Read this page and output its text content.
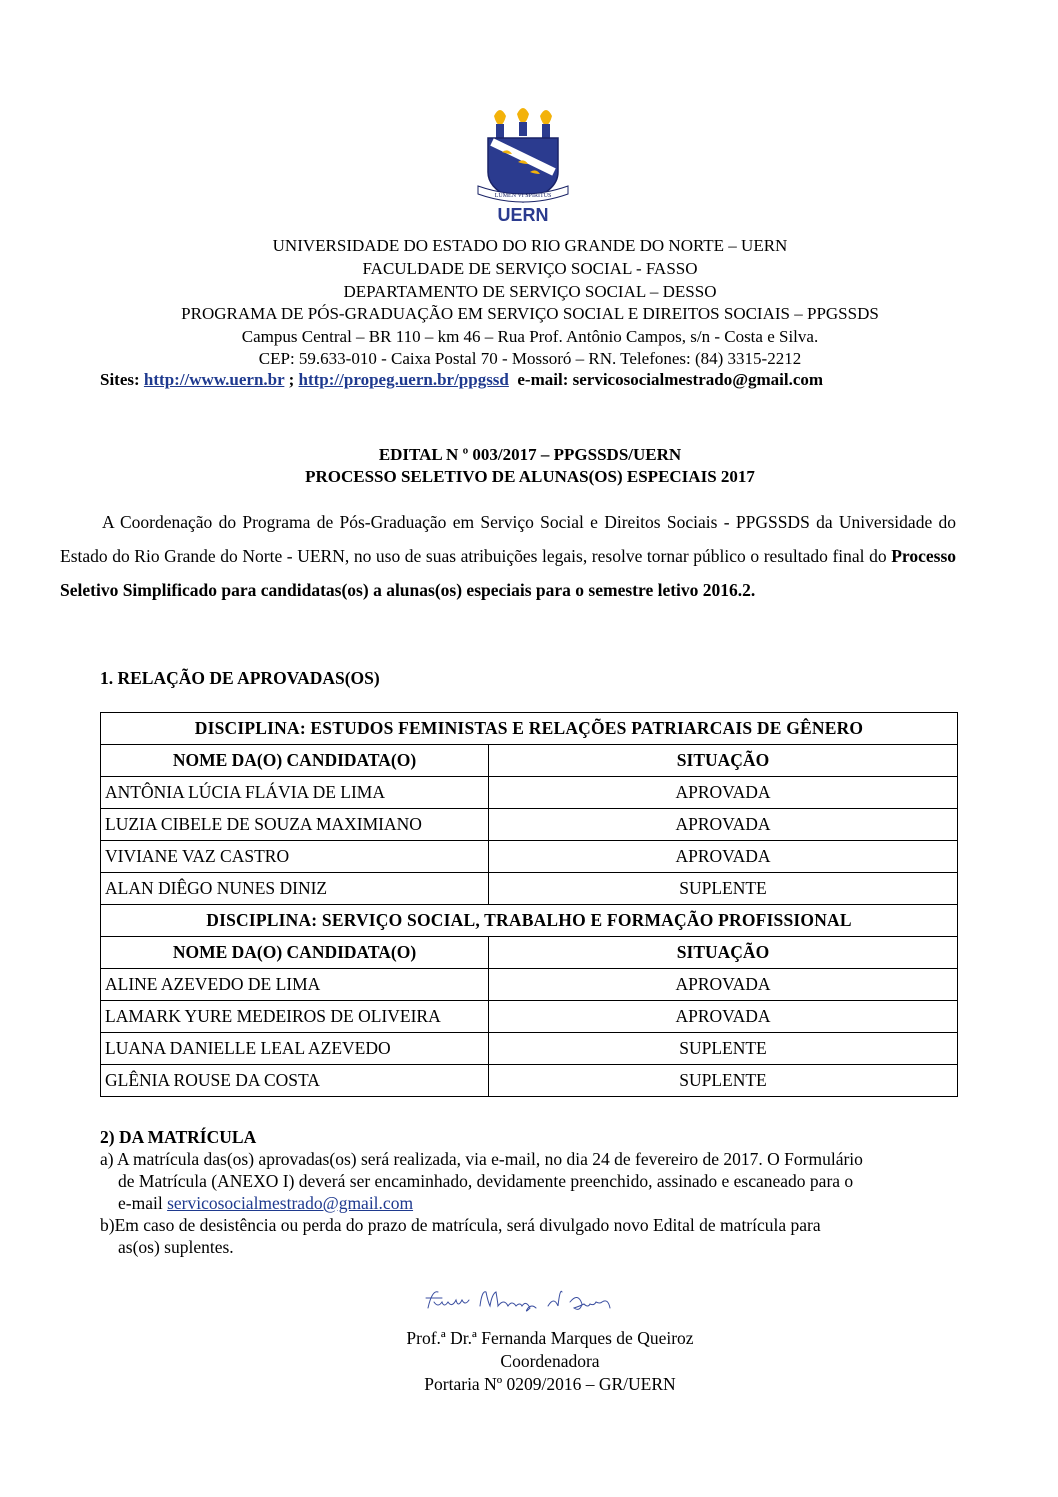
LUMEN VI SPIRITUS
UERN
UNIVERSIDADE DO ESTADO DO RIO GRANDE DO NORTE – UERN
FACULDADE DE SERVIÇO SOCIAL - FASSO
DEPARTAMENTO DE SERVIÇO SOCIAL – DESSO
PROGRAMA DE PÓS-GRADUAÇÃO EM SERVIÇO SOCIAL E DIREITOS SOCIAIS – PPGSSDS
Campus Central – BR 110 – km 46 – Rua Prof. Antônio Campos, s/n - Costa e Silva.
CEP: 59.633-010 - Caixa Postal 70 - Mossoró – RN. Telefones: (84) 3315-2212
Sites: http://www.uern.br ; http://propeg.uern.br/ppgssd e-mail: servicosocialmestrado@gmail.com
EDITAL N º 003/2017 – PPGSSDS/UERN
PROCESSO SELETIVO DE ALUNAS(OS) ESPECIAIS 2017
A Coordenação do Programa de Pós-Graduação em Serviço Social e Direitos Sociais - PPGSSDS da Universidade do Estado do Rio Grande do Norte - UERN, no uso de suas atribuições legais, resolve tornar público o resultado final do Processo Seletivo Simplificado para candidatas(os) a alunas(os) especiais para o semestre letivo 2016.2.
1. RELAÇÃO DE APROVADAS(OS)
DISCIPLINA: ESTUDOS FEMINISTAS E RELAÇÕES PATRIARCAIS DE GÊNERO	
NOME DA(O) CANDIDATA(O)	SITUAÇÃO
ANTÔNIA LÚCIA FLÁVIA DE LIMA	APROVADA
LUZIA CIBELE DE SOUZA MAXIMIANO	APROVADA
VIVIANE VAZ CASTRO	APROVADA
ALAN DIÊGO NUNES DINIZ	SUPLENTE
DISCIPLINA: SERVIÇO SOCIAL, TRABALHO E FORMAÇÃO PROFISSIONAL	
NOME DA(O) CANDIDATA(O)	SITUAÇÃO
ALINE AZEVEDO DE LIMA	APROVADA
LAMARK YURE MEDEIROS DE OLIVEIRA	APROVADA
LUANA DANIELLE LEAL AZEVEDO	SUPLENTE
GLÊNIA ROUSE DA COSTA	SUPLENTE
2) DA MATRÍCULA
a) A matrícula das(os) aprovadas(os) será realizada, via e-mail, no dia 24 de fevereiro de 2017. O Formulário
de Matrícula (ANEXO I) deverá ser encaminhado, devidamente preenchido, assinado e escaneado para o
e-mail servicosocialmestrado@gmail.com
b)Em caso de desistência ou perda do prazo de matrícula, será divulgado novo Edital de matrícula para
as(os) suplentes.
Prof.ª Dr.ª Fernanda Marques de Queiroz
Coordenadora
Portaria Nº 0209/2016 – GR/UERN
